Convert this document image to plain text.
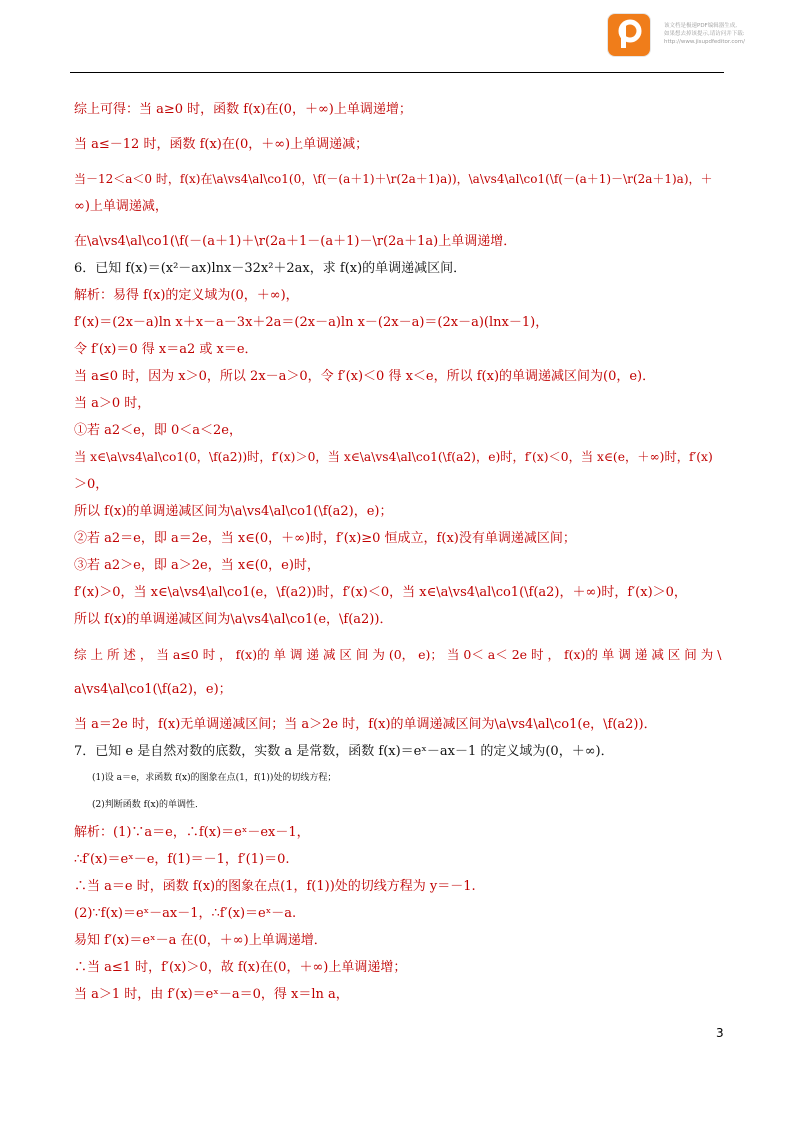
该文档是极速PDF编辑器生成,
如果想去掉该提示,请访问并下载:
http://www.jisupdfeditor.com/
综上可得：当 a≥0 时，函数 f(x)在(0，＋∞)上单调递增；
当 a≤－12 时，函数 f(x)在(0，＋∞)上单调递减；
当－12＜a＜0 时，f(x)在\a\vs4\al\co1(0，\f(－(a＋1)＋\r(2a＋1)a))，\a\vs4\al\co1(\f(－(a＋1)－\r(2a＋1)a)，＋
∞)上单调递减，
在\a\vs4\al\co1(\f(－(a＋1)＋\r(2a＋1－(a＋1)－\r(2a＋1a)上单调递增．
6．已知 f(x)＝(x²－ax)lnx－32x²＋2ax，求 f(x)的单调递减区间．
解析：易得 f(x)的定义域为(0，＋∞)，
f′(x)＝(2x－a)ln x＋x－a－3x＋2a＝(2x－a)ln x－(2x－a)＝(2x－a)(lnx－1)，
令 f′(x)＝0 得 x＝a2 或 x＝e．
当 a≤0 时，因为 x＞0，所以 2x－a＞0，令 f′(x)＜0 得 x＜e，所以 f(x)的单调递减区间为(0，e)．
当 a＞0 时，
①若 a2＜e，即 0＜a＜2e，
当 x∈\a\vs4\al\co1(0，\f(a2))时，f′(x)＞0，当 x∈\a\vs4\al\co1(\f(a2)，e)时，f′(x)＜0，当 x∈(e，＋∞)时，f′(x)
＞0，
所以 f(x)的单调递减区间为\a\vs4\al\co1(\f(a2)，e)；
②若 a2＝e，即 a＝2e，当 x∈(0，＋∞)时，f′(x)≥0 恒成立，f(x)没有单调递减区间；
③若 a2＞e，即 a＞2e，当 x∈(0，e)时，
f′(x)＞0，当 x∈\a\vs4\al\co1(e，\f(a2))时，f′(x)＜0，当 x∈\a\vs4\al\co1(\f(a2)，＋∞)时，f′(x)＞0，
所以 f(x)的单调递减区间为\a\vs4\al\co1(e，\f(a2))．
综 上 所 述 ， 当 a≤0 时 ， f(x)的 单 调 递 减 区 间 为 (0， e)； 当 0＜ a＜ 2e 时 ， f(x)的 单 调 递 减 区 间 为 \
a\vs4\al\co1(\f(a2)，e)；
当 a＝2e 时，f(x)无单调递减区间；当 a＞2e 时，f(x)的单调递减区间为\a\vs4\al\co1(e，\f(a2))．
7．已知 e 是自然对数的底数，实数 a 是常数，函数 f(x)＝eˣ－ax－1 的定义域为(0，＋∞)．
(1)设 a＝e，求函数 f(x)的图象在点(1，f(1))处的切线方程；
(2)判断函数 f(x)的单调性．
解析：(1)∵a＝e，∴f(x)＝eˣ－ex－1，
∴f′(x)＝eˣ－e，f(1)＝－1，f′(1)＝0.
∴当 a＝e 时，函数 f(x)的图象在点(1，f(1))处的切线方程为 y＝－1.
(2)∵f(x)＝eˣ－ax－1，∴f′(x)＝eˣ－a.
易知 f′(x)＝eˣ－a 在(0，＋∞)上单调递增．
∴当 a≤1 时，f′(x)＞0，故 f(x)在(0，＋∞)上单调递增；
当 a＞1 时，由 f′(x)＝eˣ－a＝0，得 x＝ln a，
3
